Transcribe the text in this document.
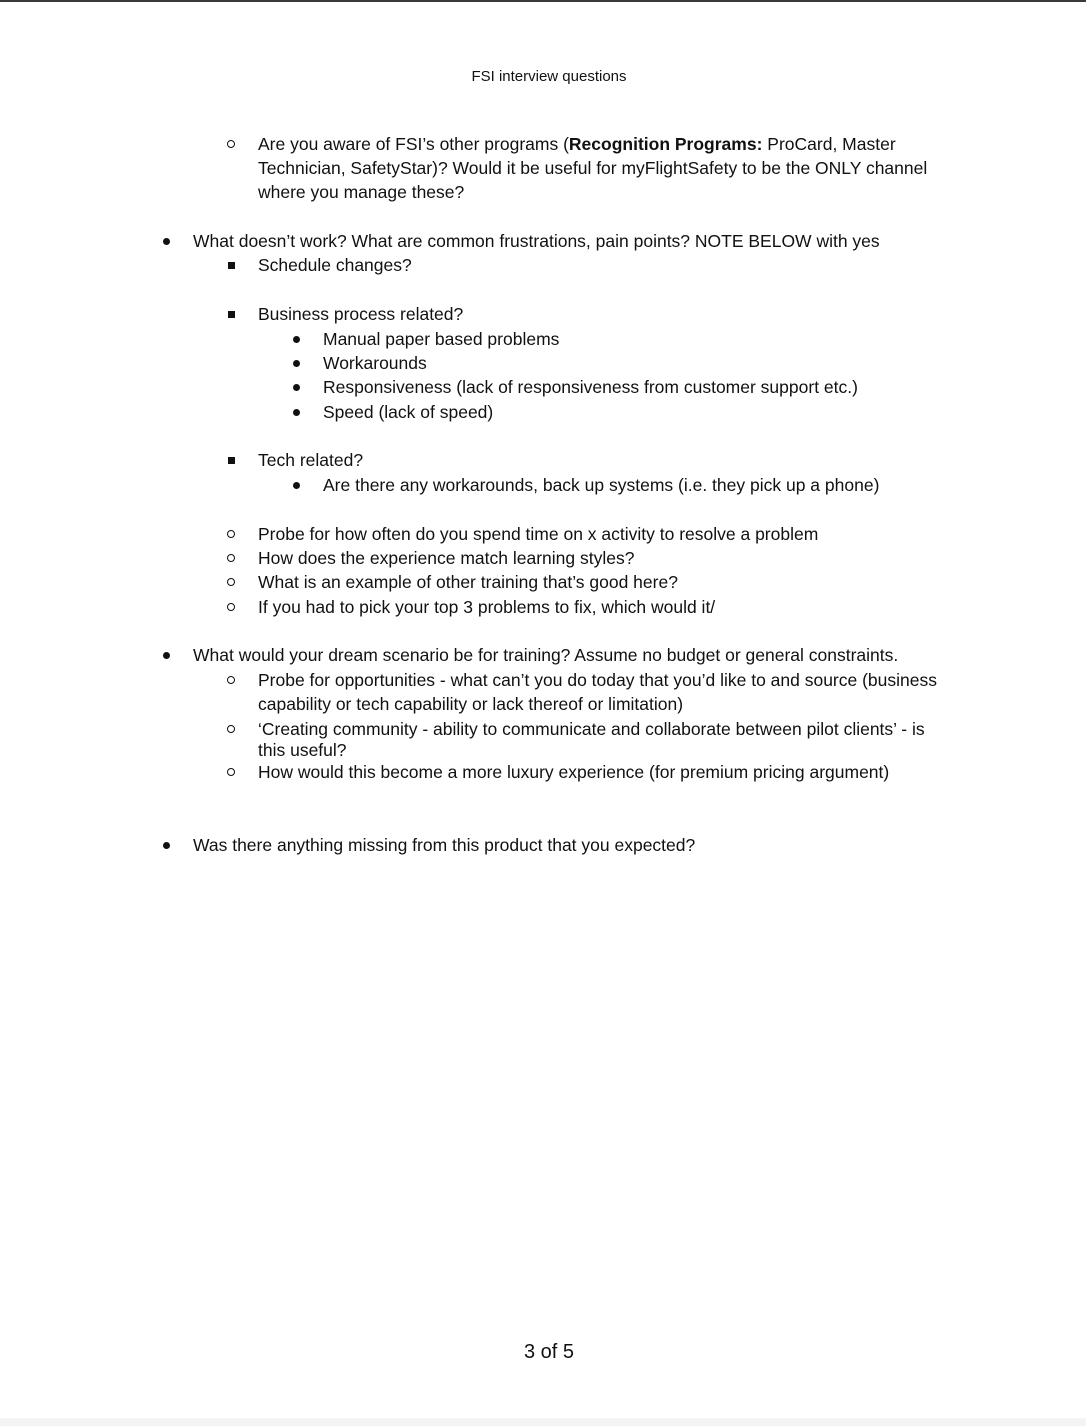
FSI interview questions
Are you aware of FSI’s other programs (Recognition Programs: ProCard, Master
Technician, SafetyStar)? Would it be useful for myFlightSafety to be the ONLY channel
where you manage these?
What doesn’t work? What are common frustrations, pain points? NOTE BELOW with yes
Schedule changes?
Business process related?
Manual paper based problems
Workarounds
Responsiveness (lack of responsiveness from customer support etc.)
Speed (lack of speed)
Tech related?
Are there any workarounds, back up systems (i.e. they pick up a phone)
Probe for how often do you spend time on x activity to resolve a problem
How does the experience match learning styles?
What is an example of other training that’s good here?
If you had to pick your top 3 problems to fix, which would it/
What would your dream scenario be for training? Assume no budget or general constraints.
Probe for opportunities - what can’t you do today that you’d like to and source (business
capability or tech capability or lack thereof or limitation)
‘Creating community - ability to communicate and collaborate between pilot clients’ - is
this useful?
How would this become a more luxury experience (for premium pricing argument)
Was there anything missing from this product that you expected?
3 of 5
